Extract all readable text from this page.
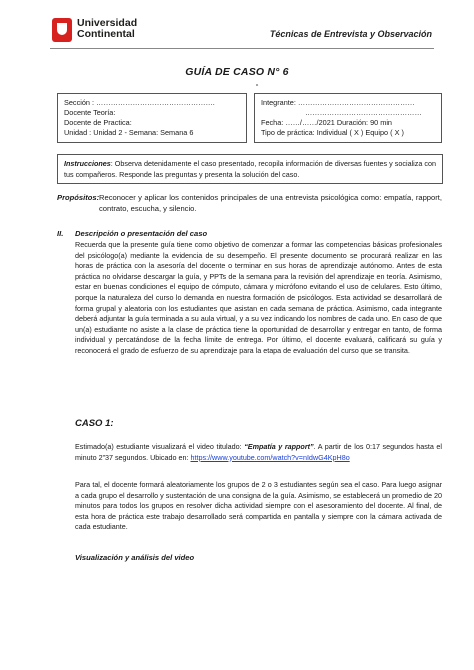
Universidad
Continental	Técnicas de Entrevista y Observación
GUÍA DE CASO N° 6
“
Sección : ………………………………………….
Docente Teoría:
Docente de Practica:
Unidad : Unidad 2 - Semana: Semana 6
Integrante: …………………………………………
…………………………………………
Fecha: ……/……/2021 Duración: 90 min
Tipo de práctica: Individual ( X ) Equipo ( X )
Instrucciones: Observa detenidamente el caso presentado, recopila información de diversas fuentes y socializa con tus compañeros. Responde las preguntas y presenta la solución del caso.
Propósitos: Reconocer y aplicar los contenidos principales de una entrevista psicológica como: empatía, rapport, contrato, escucha, y silencio.
II. Descripción o presentación del caso
Recuerda que la presente guía tiene como objetivo de comenzar a formar las competencias básicas profesionales del psicólogo(a) mediante la evidencia de su desempeño. El presente documento se procurará realizar en las horas de práctica con la asesoría del docente o terminar en sus horas de aprendizaje autónomo. Antes de esta práctica no olvidarse descargar la guía, y PPTs de la semana para la revisión del aprendizaje en teoría. Asimismo, estar en buenas condiciones el equipo de cómputo, cámara y micrófono evitando el uso de celulares. Esto último, porque la naturaleza del curso lo demanda en nuestra formación de psicólogos. Esta actividad se desarrollará de forma grupal y aleatoria con los estudiantes que asistan en cada semana de práctica. Asimismo, cada integrante deberá adjuntar la guía terminada a su aula virtual, y a su vez indicando los nombres de cada uno. En caso de que un(a) estudiante no asiste a la clase de práctica tiene la oportunidad de desarrollar y entregar en tanto, de forma individual y percatándose de la fecha límite de entrega. Por último, el docente evaluará, calificará su guía y reconocerá el grado de esfuerzo de su aprendizaje para la etapa de evaluación del curso que se transita.
CASO 1:
Estimado(a) estudiante visualizará el video titulado: “Empatía y rapport”. A partir de los 0:17 segundos hasta el minuto 2”37 segundos. Ubicado en: https://www.youtube.com/watch?v=nIdwG4KpH8o
Para tal, el docente formará aleatoriamente los grupos de 2 o 3 estudiantes según sea el caso. Para luego asignar a cada grupo el desarrollo y sustentación de una consigna de la guía. Asimismo, se establecerá un promedio de 20 minutos para todos los grupos en resolver dicha actividad siempre con el asesoramiento del docente. Al final, de esta hora de práctica este trabajo desarrollado será compartida en pantalla y siempre con la cámara activada de cada estudiante.
Visualización y análisis del video
